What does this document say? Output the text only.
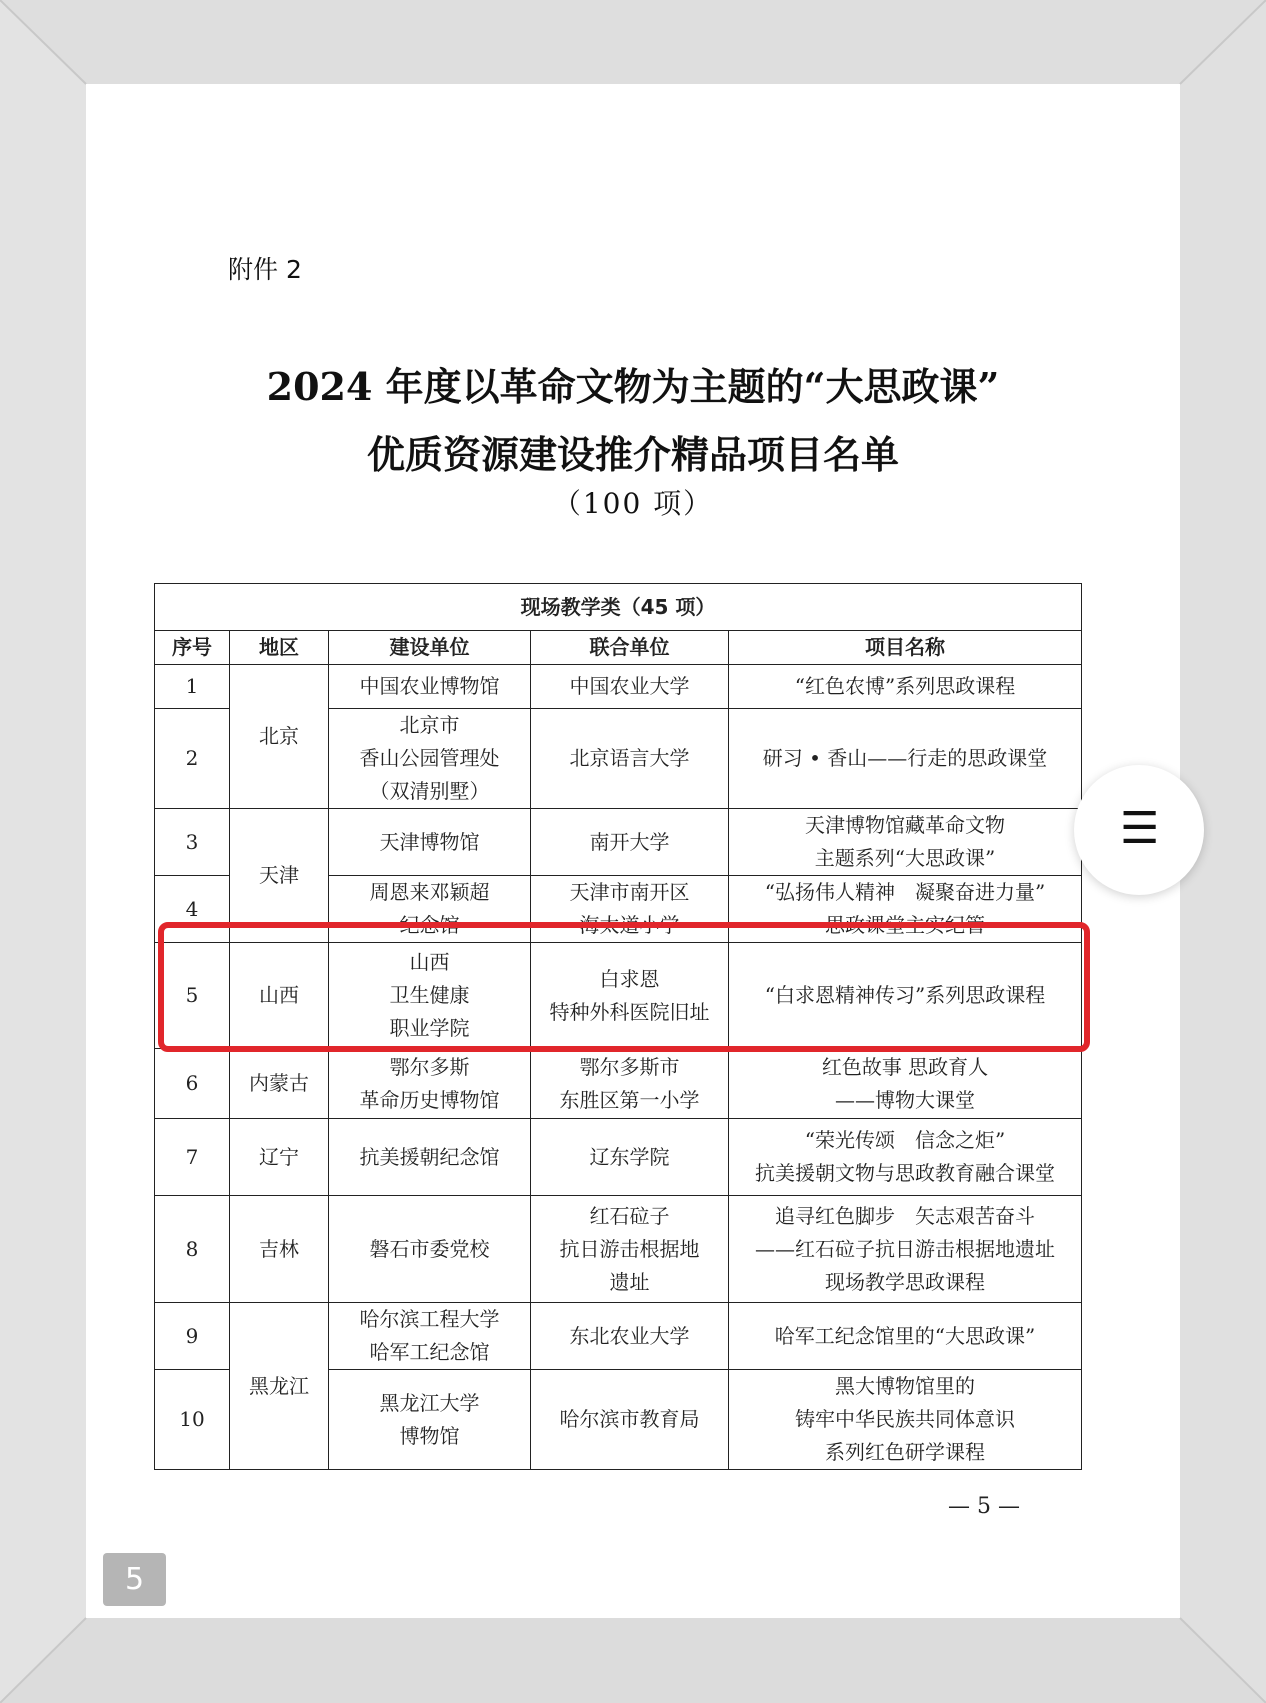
附件 2
2024 年度以革命文物为主题的“大思政课”
优质资源建设推介精品项目名单
（100 项）
现场教学类（45 项）				
序号	地区	建设单位	联合单位	项目名称
1	北京	中国农业博物馆	中国农业大学	“红色农博”系列思政课程
2		北京市
香山公园管理处
（双清别墅）	北京语言大学	研习 • 香山——行走的思政课堂
3	天津	天津博物馆	南开大学	天津博物馆藏革命文物
主题系列“大思政课”
4		周恩来邓颖超
纪念馆	天津市南开区
海太道小学	“弘扬伟人精神　凝聚奋进力量”
思政课堂主实纪管
5	山西	山西
卫生健康
职业学院	白求恩
特种外科医院旧址	“白求恩精神传习”系列思政课程
6	内蒙古	鄂尔多斯
革命历史博物馆	鄂尔多斯市
东胜区第一小学	红色故事 思政育人
——博物大课堂
7	辽宁	抗美援朝纪念馆	辽东学院	“荣光传颂　信念之炬”
抗美援朝文物与思政教育融合课堂
8	吉林	磐石市委党校	红石砬子
抗日游击根据地
遗址	追寻红色脚步　矢志艰苦奋斗
——红石砬子抗日游击根据地遗址
现场教学思政课程
9	黑龙江	哈尔滨工程大学
哈军工纪念馆	东北农业大学	哈军工纪念馆里的“大思政课”
10		黑龙江大学
博物馆	哈尔滨市教育局	黑大博物馆里的
铸牢中华民族共同体意识
系列红色研学课程
— 5 —
☰
5
